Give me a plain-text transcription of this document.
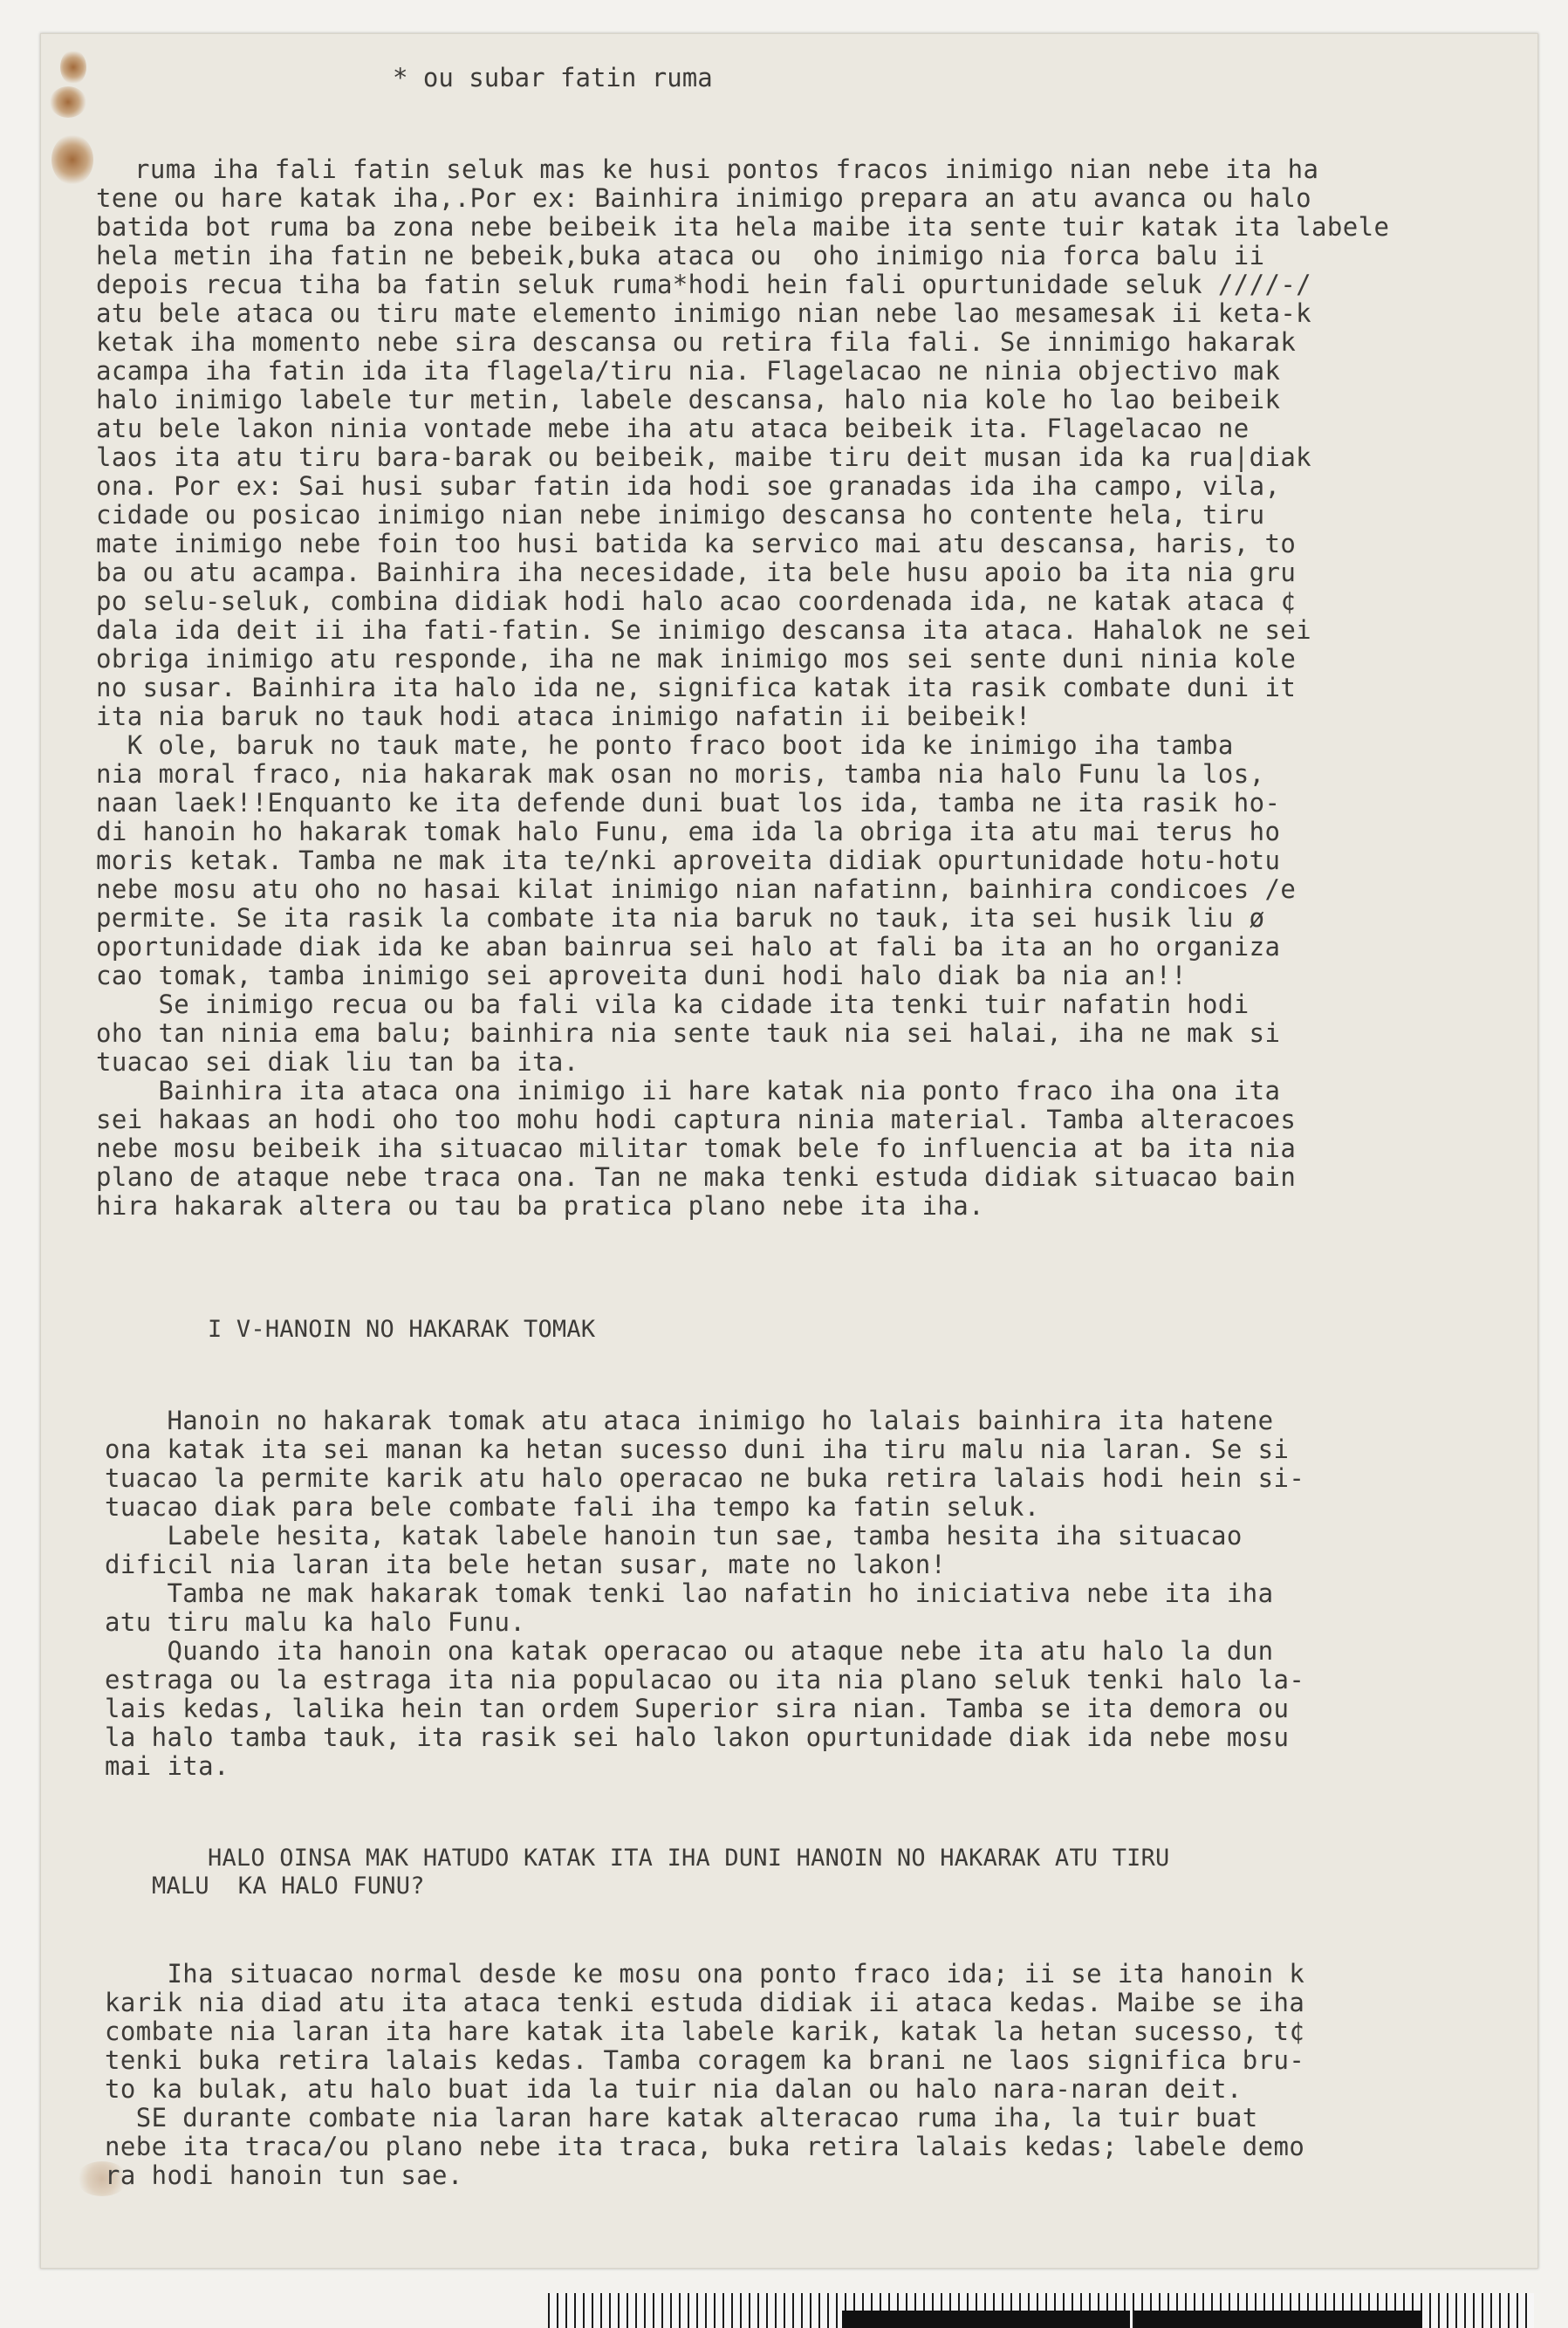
* ou subar fatin ruma
ruma iha fali fatin seluk mas ke husi pontos fracos inimigo nian nebe ita ha
tene ou hare katak iha,.Por ex: Bainhira inimigo prepara an atu avanca ou halo
batida bot ruma ba zona nebe beibeik ita hela maibe ita sente tuir katak ita labele
hela metin iha fatin ne bebeik,buka ataca ou  oho inimigo nia forca balu ii
depois recua tiha ba fatin seluk ruma*hodi hein fali opurtunidade seluk ////-/
atu bele ataca ou tiru mate elemento inimigo nian nebe lao mesamesak ii keta-k
ketak iha momento nebe sira descansa ou retira fila fali. Se innimigo hakarak
acampa iha fatin ida ita flagela/tiru nia. Flagelacao ne ninia objectivo mak
halo inimigo labele tur metin, labele descansa, halo nia kole ho lao beibeik
atu bele lakon ninia vontade mebe iha atu ataca beibeik ita. Flagelacao ne
laos ita atu tiru bara-barak ou beibeik, maibe tiru deit musan ida ka rua|diak
ona. Por ex: Sai husi subar fatin ida hodi soe granadas ida iha campo, vila,
cidade ou posicao inimigo nian nebe inimigo descansa ho contente hela, tiru
mate inimigo nebe foin too husi batida ka servico mai atu descansa, haris, to
ba ou atu acampa. Bainhira iha necesidade, ita bele husu apoio ba ita nia gru
po selu-seluk, combina didiak hodi halo acao coordenada ida, ne katak ataca ¢
dala ida deit ii iha fati-fatin. Se inimigo descansa ita ataca. Hahalok ne sei
obriga inimigo atu responde, iha ne mak inimigo mos sei sente duni ninia kole
no susar. Bainhira ita halo ida ne, significa katak ita rasik combate duni it
ita nia baruk no tauk hodi ataca inimigo nafatin ii beibeik!
K ole, baruk no tauk mate, he ponto fraco boot ida ke inimigo iha tamba
nia moral fraco, nia hakarak mak osan no moris, tamba nia halo Funu la los,
naan laek!!Enquanto ke ita defende duni buat los ida, tamba ne ita rasik ho-
di hanoin ho hakarak tomak halo Funu, ema ida la obriga ita atu mai terus ho
moris ketak. Tamba ne mak ita te/nki aproveita didiak opurtunidade hotu-hotu
nebe mosu atu oho no hasai kilat inimigo nian nafatinn, bainhira condicoes /e
permite. Se ita rasik la combate ita nia baruk no tauk, ita sei husik liu ø
oportunidade diak ida ke aban bainrua sei halo at fali ba ita an ho organiza
cao tomak, tamba inimigo sei aproveita duni hodi halo diak ba nia an!!
Se inimigo recua ou ba fali vila ka cidade ita tenki tuir nafatin hodi
oho tan ninia ema balu; bainhira nia sente tauk nia sei halai, iha ne mak si
tuacao sei diak liu tan ba ita.
Bainhira ita ataca ona inimigo ii hare katak nia ponto fraco iha ona ita
sei hakaas an hodi oho too mohu hodi captura ninia material. Tamba alteracoes
nebe mosu beibeik iha situacao militar tomak bele fo influencia at ba ita nia
plano de ataque nebe traca ona. Tan ne maka tenki estuda didiak situacao bain
hira hakarak altera ou tau ba pratica plano nebe ita iha.
I V-HANOIN NO HAKARAK TOMAK
Hanoin no hakarak tomak atu ataca inimigo ho lalais bainhira ita hatene
ona katak ita sei manan ka hetan sucesso duni iha tiru malu nia laran. Se si
tuacao la permite karik atu halo operacao ne buka retira lalais hodi hein si-
tuacao diak para bele combate fali iha tempo ka fatin seluk.
Labele hesita, katak labele hanoin tun sae, tamba hesita iha situacao
dificil nia laran ita bele hetan susar, mate no lakon!
Tamba ne mak hakarak tomak tenki lao nafatin ho iniciativa nebe ita iha
atu tiru malu ka halo Funu.
Quando ita hanoin ona katak operacao ou ataque nebe ita atu halo la dun
estraga ou la estraga ita nia populacao ou ita nia plano seluk tenki halo la-
lais kedas, lalika hein tan ordem Superior sira nian. Tamba se ita demora ou
la halo tamba tauk, ita rasik sei halo lakon opurtunidade diak ida nebe mosu
mai ita.
HALO OINSA MAK HATUDO KATAK ITA IHA DUNI HANOIN NO HAKARAK ATU TIRU
MALU  KA HALO FUNU?
Iha situacao normal desde ke mosu ona ponto fraco ida; ii se ita hanoin k
karik nia diad atu ita ataca tenki estuda didiak ii ataca kedas. Maibe se iha
combate nia laran ita hare katak ita labele karik, katak la hetan sucesso, t¢
tenki buka retira lalais kedas. Tamba coragem ka brani ne laos significa bru-
to ka bulak, atu halo buat ida la tuir nia dalan ou halo nara-naran deit.
SE durante combate nia laran hare katak alteracao ruma iha, la tuir buat
nebe ita traca/ou plano nebe ita traca, buka retira lalais kedas; labele demo
ra hodi hanoin tun sae.
